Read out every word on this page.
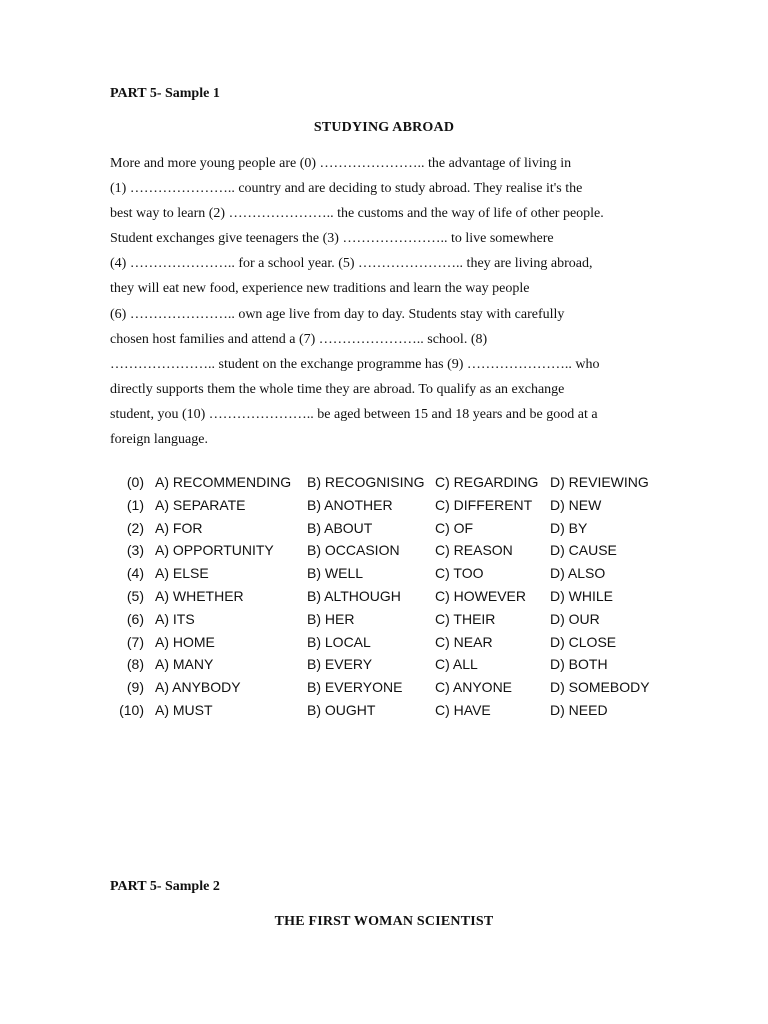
PART 5- Sample 1
STUDYING ABROAD
More and more young people are (0) ………………….. the advantage of living in
(1) ………………….. country and are deciding to study abroad. They realise it's the
best way to learn (2) ………………….. the customs and the way of life of other people.
Student exchanges give teenagers the (3) ………………….. to live somewhere
(4) ………………….. for a school year. (5) ………………….. they are living abroad,
they will eat new food, experience new traditions and learn the way people
(6) ………………….. own age live from day to day. Students stay with carefully
chosen host families and attend a (7) ………………….. school. (8)
………………….. student on the exchange programme has (9) ………………….. who
directly supports them the whole time they are abroad. To qualify as an exchange
student, you (10) ………………….. be aged between 15 and 18 years and be good at a
foreign language.
(0) A) RECOMMENDING B) RECOGNISING C) REGARDING D) REVIEWING
(1) A) SEPARATE	B) ANOTHER	C) DIFFERENT D) NEW
(2) A) FOR	B) ABOUT	C) OF	D) BY
(3) A) OPPORTUNITY B) OCCASION	C) REASON	D) CAUSE
(4) A) ELSE	B) WELL	C) TOO	D) ALSO
(5) A) WHETHER	B) ALTHOUGH C) HOWEVER D) WHILE
(6) A) ITS	B) HER	C) THEIR	D) OUR
(7) A) HOME	B) LOCAL	C) NEAR	D) CLOSE
(8) A) MANY	B) EVERY	C) ALL	D) BOTH
(9) A) ANYBODY	B) EVERYONE C) ANYONE	D) SOMEBODY
(10) A) MUST	B) OUGHT	C) HAVE	D) NEED
PART 5- Sample 2
THE FIRST WOMAN SCIENTIST
